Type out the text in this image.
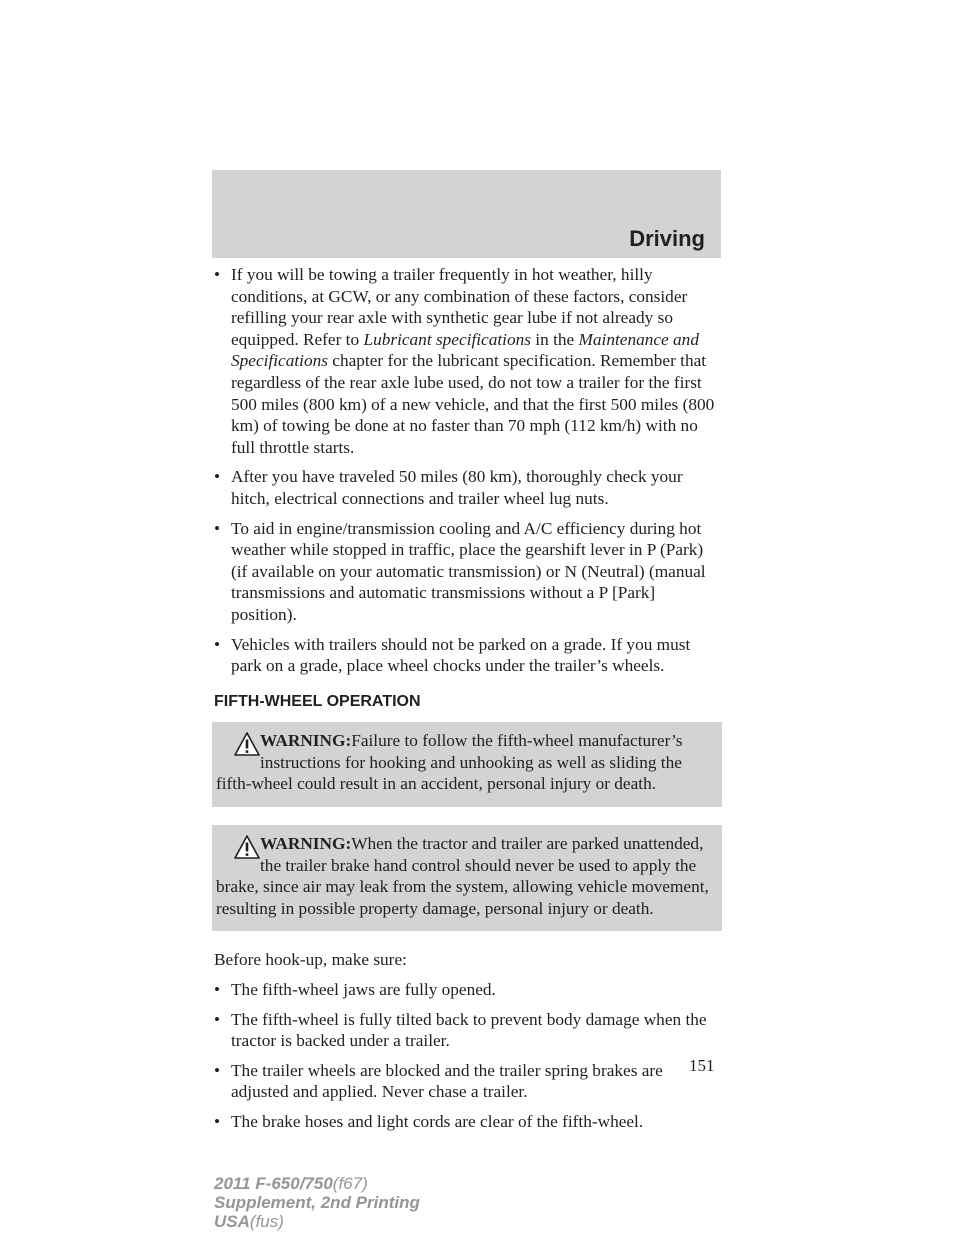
Driving
• If you will be towing a trailer frequently in hot weather, hilly conditions, at GCW, or any combination of these factors, consider refilling your rear axle with synthetic gear lube if not already so equipped. Refer to Lubricant specifications in the Maintenance and Specifications chapter for the lubricant specification. Remember that regardless of the rear axle lube used, do not tow a trailer for the first 500 miles (800 km) of a new vehicle, and that the first 500 miles (800 km) of towing be done at no faster than 70 mph (112 km/h) with no full throttle starts.
• After you have traveled 50 miles (80 km), thoroughly check your hitch, electrical connections and trailer wheel lug nuts.
• To aid in engine/transmission cooling and A/C efficiency during hot weather while stopped in traffic, place the gearshift lever in P (Park) (if available on your automatic transmission) or N (Neutral) (manual transmissions and automatic transmissions without a P [Park] position).
• Vehicles with trailers should not be parked on a grade. If you must park on a grade, place wheel chocks under the trailer’s wheels.
FIFTH-WHEEL OPERATION
WARNING:Failure to follow the fifth-wheel manufacturer’s
instructions for hooking and unhooking as well as sliding the
fifth-wheel could result in an accident, personal injury or death.
WARNING:When the tractor and trailer are parked unattended,
the trailer brake hand control should never be used to apply the
brake, since air may leak from the system, allowing vehicle movement,
resulting in possible property damage, personal injury or death.

Before hook-up, make sure:

• The fifth-wheel jaws are fully opened.
• The fifth-wheel is fully tilted back to prevent body damage when the tractor is backed under a trailer.
• The trailer wheels are blocked and the trailer spring brakes are adjusted and applied. Never chase a trailer.
• The brake hoses and light cords are clear of the fifth-wheel.
151
2011 F-650/750(f67)
Supplement, 2nd Printing
USA(fus)
